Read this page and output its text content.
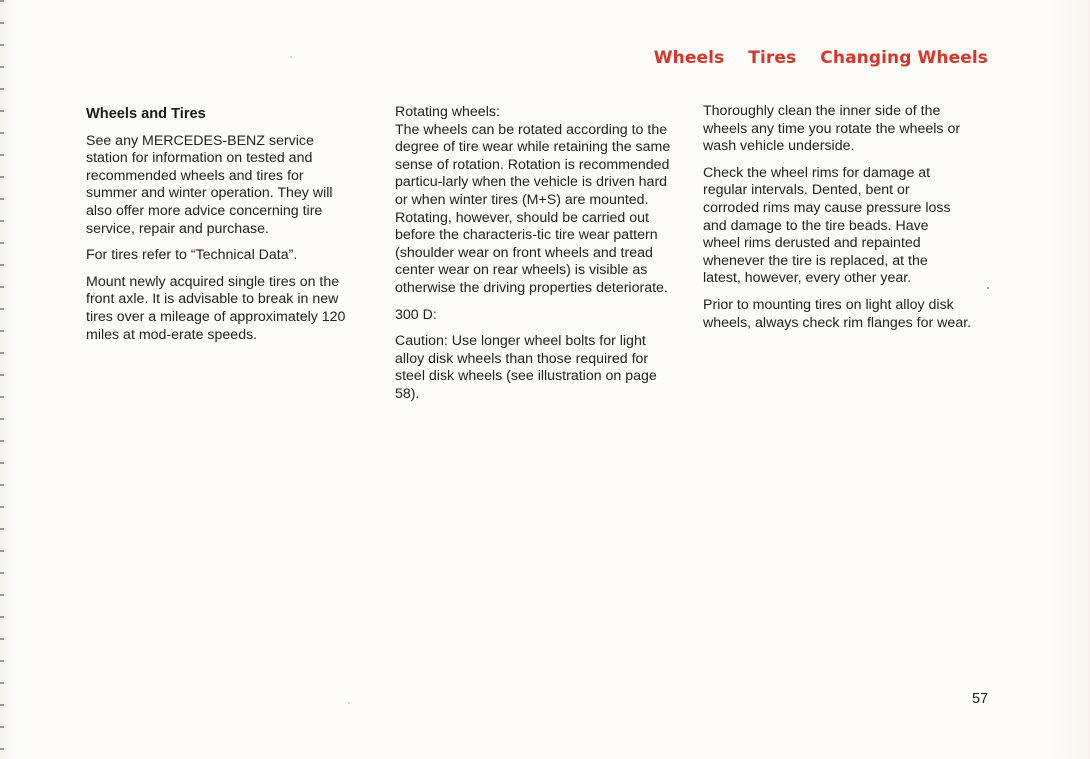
Wheels Tires Changing Wheels

Wheels and Tires

See any MERCEDES-BENZ service station for information on tested and recommended wheels and tires for summer and winter operation. They will also offer more advice concerning tire service, repair and purchase.

For tires refer to “Technical Data”.

Mount newly acquired single tires on the front axle. It is advisable to break in new tires over a mileage of approximately 120 miles at mod-erate speeds.

Rotating wheels:

The wheels can be rotated according to the degree of tire wear while retaining the same sense of rotation. Rotation is recommended particu-larly when the vehicle is driven hard or when winter tires (M+S) are mounted. Rotating, however, should be carried out before the characteris-tic tire wear pattern (shoulder wear on front wheels and tread center wear on rear wheels) is visible as otherwise the driving properties deteriorate.

300 D:

Caution: Use longer wheel bolts for light alloy disk wheels than those required for steel disk wheels (see illustration on page 58).

Thoroughly clean the inner side of the wheels any time you rotate the wheels or wash vehicle underside.

Check the wheel rims for damage at regular intervals. Dented, bent or corroded rims may cause pressure loss and damage to the tire beads. Have wheel rims derusted and repainted whenever the tire is replaced, at the latest, however, every other year.

Prior to mounting tires on light alloy disk wheels, always check rim flanges for wear.

57
